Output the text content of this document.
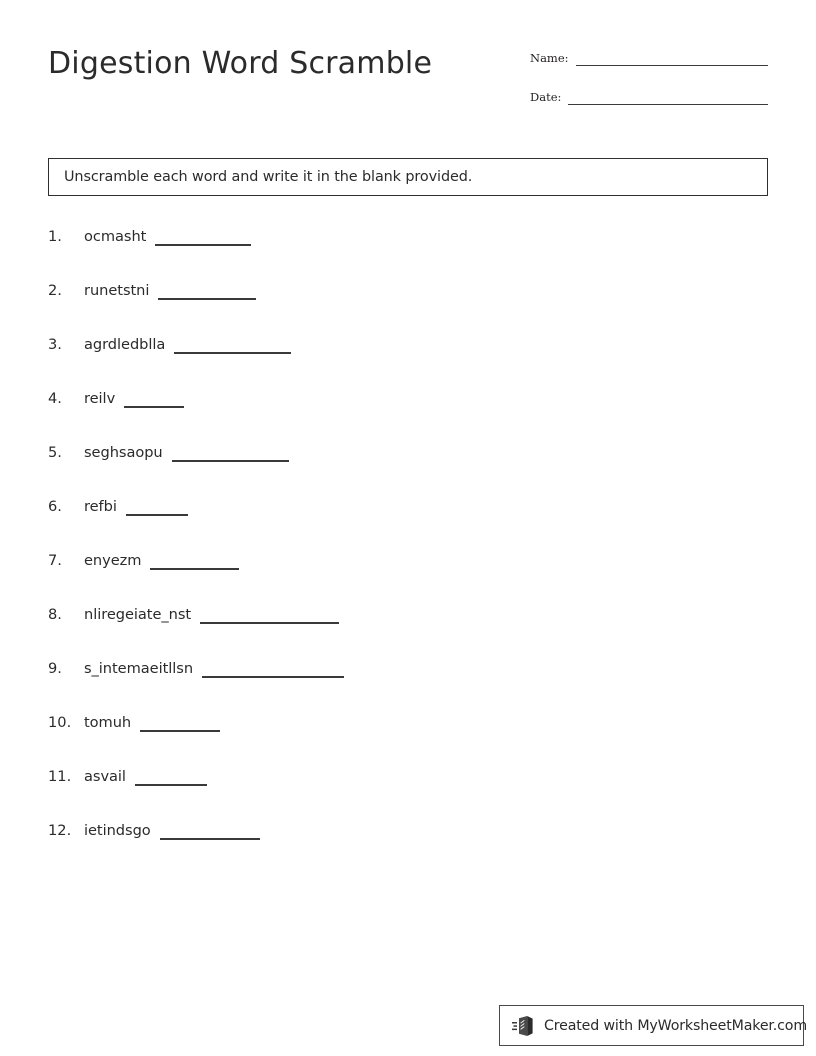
Digestion Word Scramble	Name:
Date:
Unscramble each word and write it in the blank provided.
1.	ocmasht
2.	runetstni
3.	agrdledblla
4.	reilv
5.	seghsaopu
6.	refbi
7.	enyezm
8.	nliregeiate_nst
9.	s_intemaeitllsn
10. tomuh
11. asvail
12. ietindsgo
Created with MyWorksheetMaker.com
